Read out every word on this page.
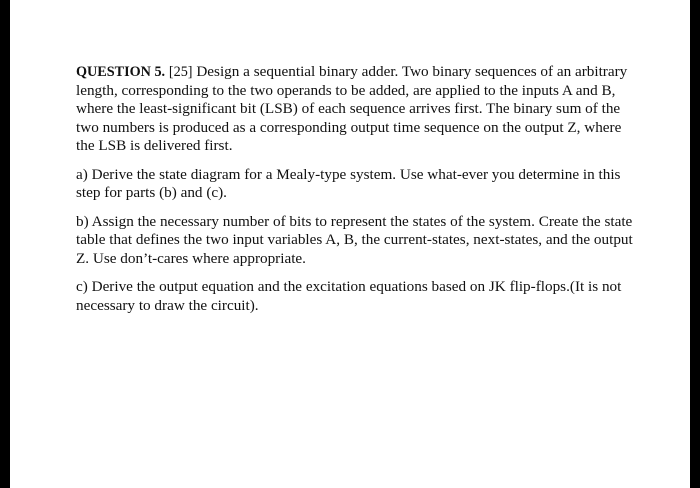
QUESTION 5. [25] Design a sequential binary adder. Two binary sequences of an arbitrary length, corresponding to the two operands to be added, are applied to the inputs A and B, where the least-significant bit (LSB) of each sequence arrives first. The binary sum of the two numbers is produced as a corresponding output time sequence on the output Z, where the LSB is delivered first.

a) Derive the state diagram for a Mealy-type system. Use what-ever you determine in this step for parts (b) and (c).

b) Assign the necessary number of bits to represent the states of the system. Create the state table that defines the two input variables A, B, the current-states, next-states, and the output Z. Use don’t-cares where appropriate.

c) Derive the output equation and the excitation equations based on JK flip-flops.(It is not necessary to draw the circuit).
